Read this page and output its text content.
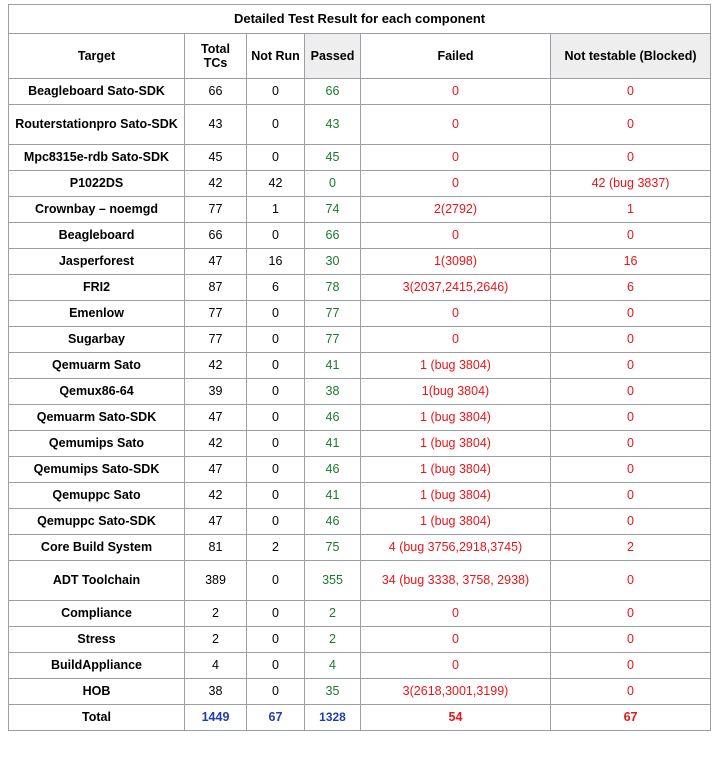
Detailed Test Result for each component					
Target	Total TCs	Not Run	Passed	Failed	Not testable (Blocked)
Beagleboard Sato-SDK	66	0	66	0	0
Routerstationpro Sato-SDK	43	0	43	0	0
Mpc8315e-rdb Sato-SDK	45	0	45	0	0
P1022DS	42	42	0	0	42 (bug 3837)
Crownbay – noemgd	77	1	74	2(2792)	1
Beagleboard	66	0	66	0	0
Jasperforest	47	16	30	1(3098)	16
FRI2	87	6	78	3(2037,2415,2646)	6
Emenlow	77	0	77	0	0
Sugarbay	77	0	77	0	0
Qemuarm Sato	42	0	41	1 (bug 3804)	0
Qemux86-64	39	0	38	1(bug 3804)	0
Qemuarm Sato-SDK	47	0	46	1 (bug 3804)	0
Qemumips Sato	42	0	41	1 (bug 3804)	0
Qemumips Sato-SDK	47	0	46	1 (bug 3804)	0
Qemuppc Sato	42	0	41	1 (bug 3804)	0
Qemuppc Sato-SDK	47	0	46	1 (bug 3804)	0
Core Build System	81	2	75	4 (bug 3756,2918,3745)	2
ADT Toolchain	389	0	355	34 (bug 3338, 3758, 2938)	0
Compliance	2	0	2	0	0
Stress	2	0	2	0	0
BuildAppliance	4	0	4	0	0
HOB	38	0	35	3(2618,3001,3199)	0
Total	1449	67	1328	54	67
